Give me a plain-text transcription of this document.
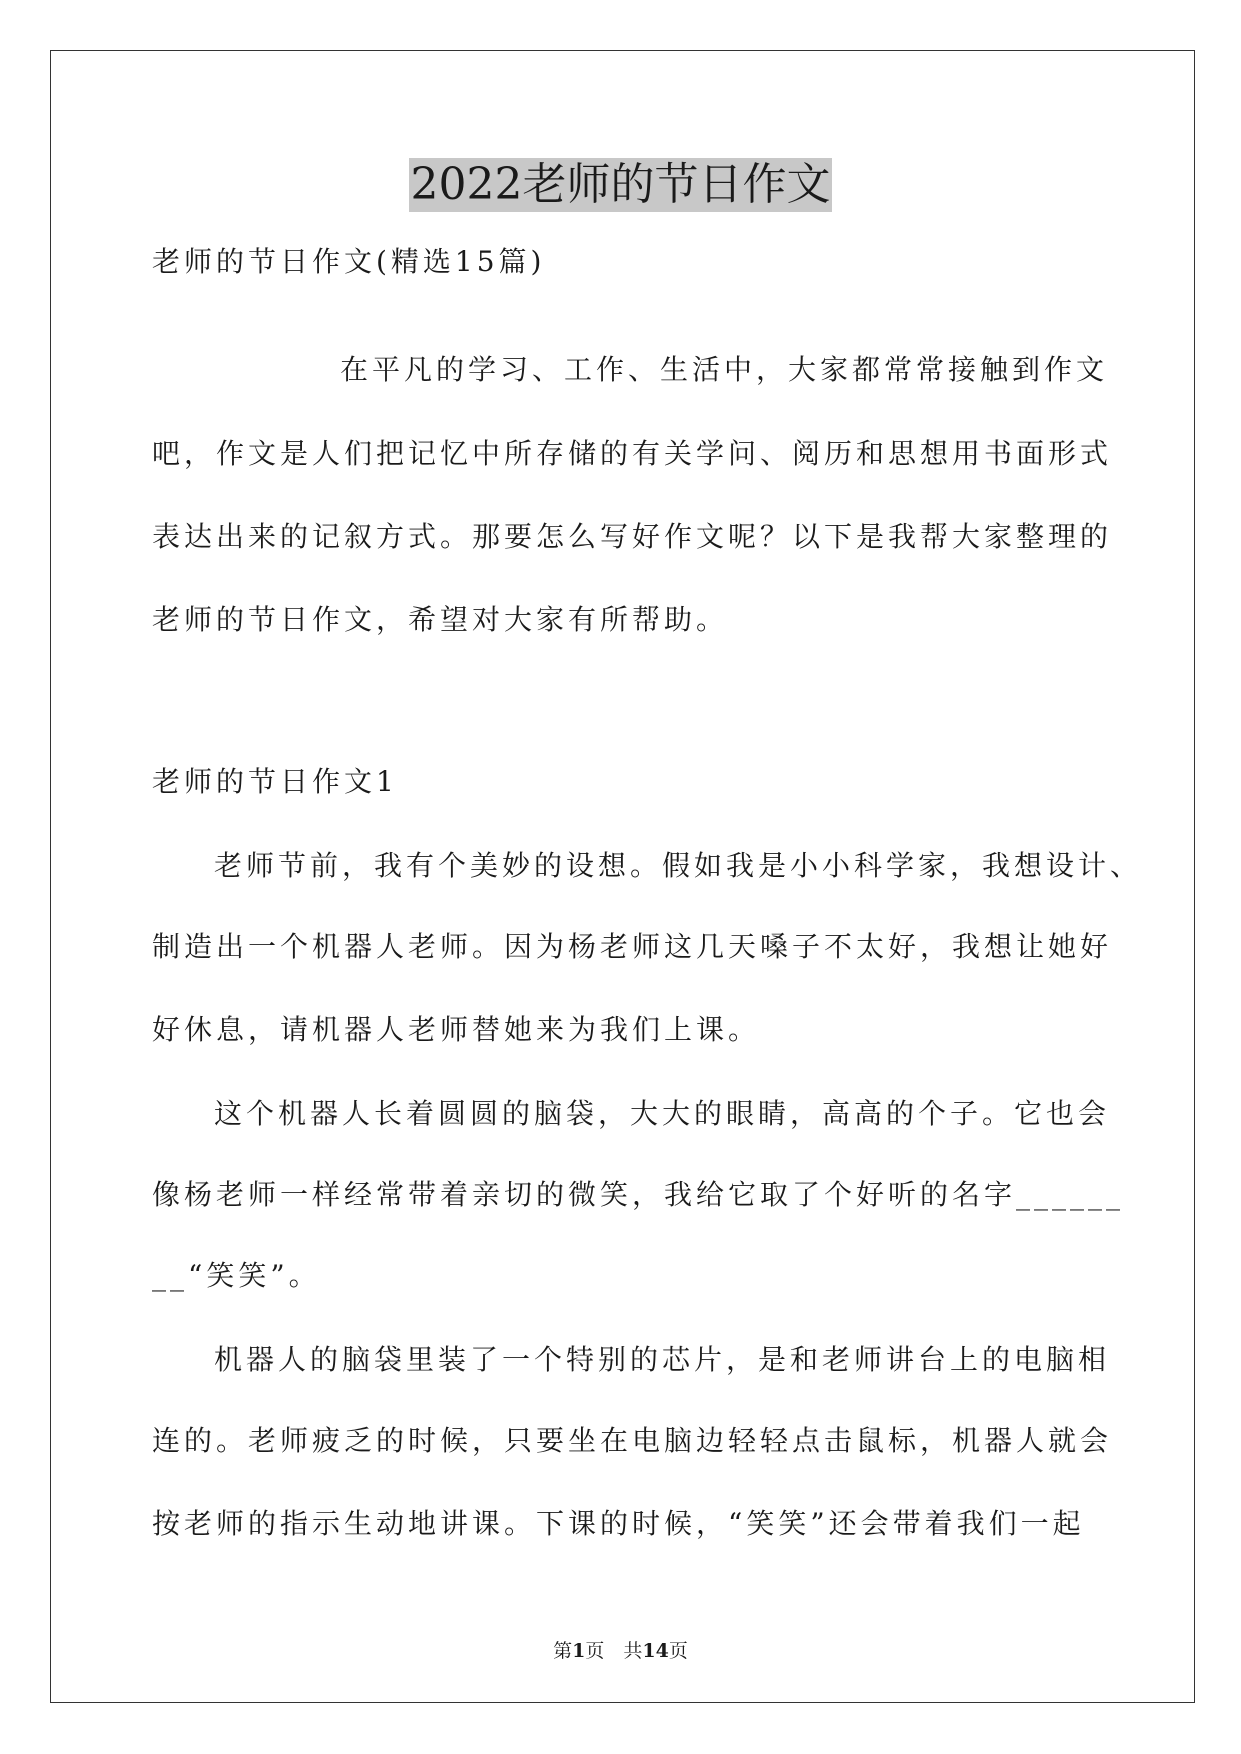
2022老师的节日作文
老师的节日作文(精选15篇)
在平凡的学习、工作、生活中，大家都常常接触到作文
吧，作文是人们把记忆中所存储的有关学问、阅历和思想用书面形式
表达出来的记叙方式。那要怎么写好作文呢？以下是我帮大家整理的
老师的节日作文，希望对大家有所帮助。
老师的节日作文1
老师节前，我有个美妙的设想。假如我是小小科学家，我想设计、
制造出一个机器人老师。因为杨老师这几天嗓子不太好，我想让她好
好休息，请机器人老师替她来为我们上课。
这个机器人长着圆圆的脑袋，大大的眼睛，高高的个子。它也会
像杨老师一样经常带着亲切的微笑，我给它取了个好听的名字______
__“笑笑”。
机器人的脑袋里装了一个特别的芯片，是和老师讲台上的电脑相
连的。老师疲乏的时候，只要坐在电脑边轻轻点击鼠标，机器人就会
按老师的指示生动地讲课。下课的时候，“笑笑”还会带着我们一起
第1页　共14页
